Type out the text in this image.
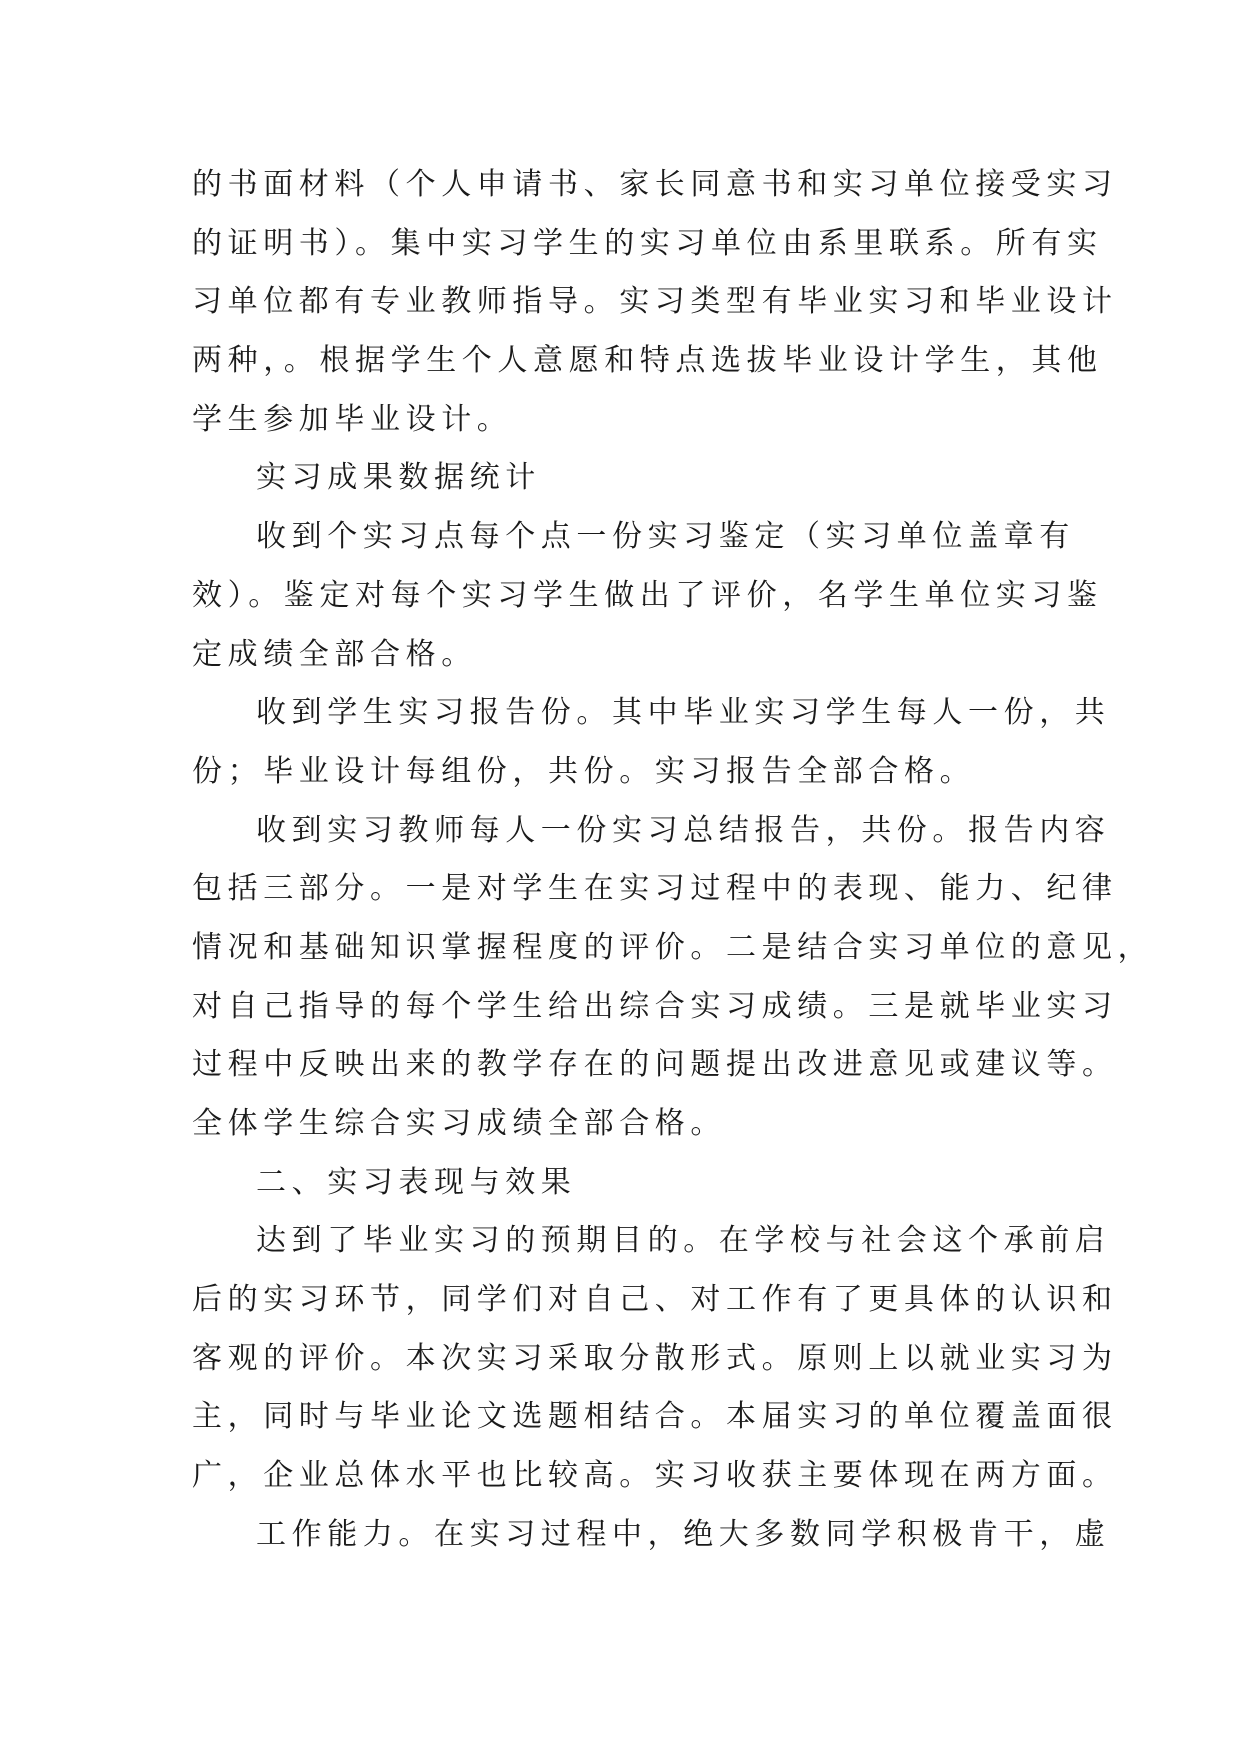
的书面材料（个人申请书、家长同意书和实习单位接受实习
的证明书）。集中实习学生的实习单位由系里联系。所有实
习单位都有专业教师指导。实习类型有毕业实习和毕业设计
两种，。根据学生个人意愿和特点选拔毕业设计学生，其他
学生参加毕业设计。
实习成果数据统计
收到个实习点每个点一份实习鉴定（实习单位盖章有
效）。鉴定对每个实习学生做出了评价，名学生单位实习鉴
定成绩全部合格。
收到学生实习报告份。其中毕业实习学生每人一份，共
份；毕业设计每组份，共份。实习报告全部合格。
收到实习教师每人一份实习总结报告，共份。报告内容
包括三部分。一是对学生在实习过程中的表现、能力、纪律
情况和基础知识掌握程度的评价。二是结合实习单位的意见，
对自己指导的每个学生给出综合实习成绩。三是就毕业实习
过程中反映出来的教学存在的问题提出改进意见或建议等。
全体学生综合实习成绩全部合格。
二、实习表现与效果
达到了毕业实习的预期目的。在学校与社会这个承前启
后的实习环节，同学们对自己、对工作有了更具体的认识和
客观的评价。本次实习采取分散形式。原则上以就业实习为
主，同时与毕业论文选题相结合。本届实习的单位覆盖面很
广，企业总体水平也比较高。实习收获主要体现在两方面。
工作能力。在实习过程中，绝大多数同学积极肯干，虚
